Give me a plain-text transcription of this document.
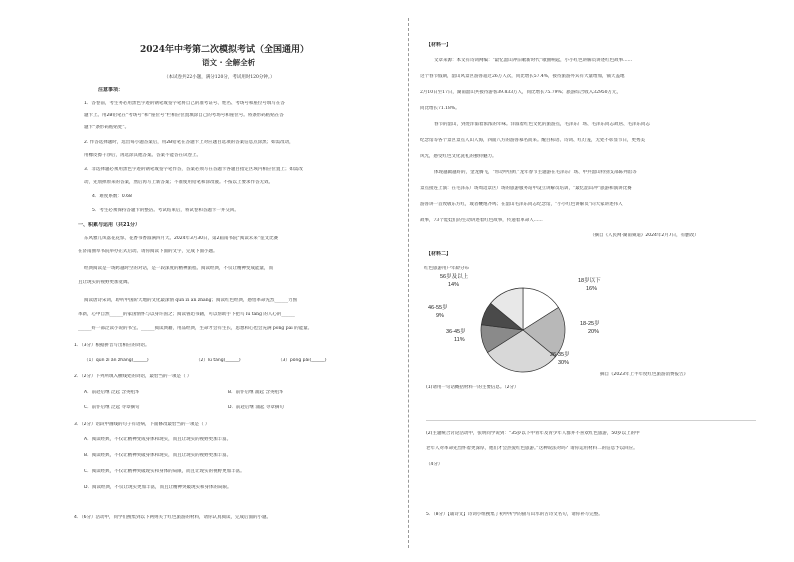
2024年中考第二次模拟考试（全国通用）
语文 · 全解全析
（本试卷共22小题，满分120分，考试用时120分钟。）
注意事项：
1．答卷前，考生务必用黑色字迹的钢笔或签字笔将自己的准考证号、姓名、考场号和座位号填写在答
题卡上。用2B铅笔在“考场号”和“座位号”栏相应位置填涂自己的考场号和座位号。将条形码粘贴在答
题卡“条形码粘贴处”。
2. 作答选择题时，选出每小题答案后，用2B铅笔在答题卡上对应题目选项的答案信息点涂黑；如需改动，
用橡皮擦干净后，再选涂其他答案。答案不能答在试卷上。
3．非选择题必须用黑色字迹的钢笔或签字笔作答，答案必须写在答题卡各题目指定区域内相应位置上；如需改
动，先划掉原来的答案，然后再写上新答案；不准使用铅笔和涂改液。不按以上要求作答无效。
4．难度系数：0.68
5．考生必须保持答题卡的整洁。考试结束后，将试卷和答题卡一并交回。
一、积累与运用（共21分）
东风雅儿凤落花花惊，花香书香溢满四月天。2024年3月30日，第2届南书院“阅读未来”征文比赛
在济南曲阜书院举办正式启动。请你阅读下面的文字，完成下面小题。
经典阅读是一场跨越时空的对话，是一段深度的精神旅程。阅读经典，不仅让精神变成能量，而
且让现实的视野更加宽阔。
阅读唐诗宋词，聆听中国阶天地的文化最深情 qún zì án zhāng；阅读红色经典，感悟革命先烈______力图
革新，心中自然______的家国情怀与以身许国之；阅读鲁迅书籍，可以帮助手下把鸟 lù tāng 的人心的______
______好一部泛读小说的书宝。______阅读典籍，用品经典，生命才会有生长，思想和心也会充满 póng pài 的能量。
1．（3分）根据拼音写出相应的词语。
（1）qún zì án zhāng(______)	（2）lù tāng(______)	（3）póng pài(______)
2．（2分）下列所填入横线处的词语，最恰当的一项是（ ）
A．前赴后继 泛起 含英咀华	B．前仆后继 涌起 含英咀华
C．前仆后继 泛起 寻章摘句	D．前赴后继 涌起 寻章摘句
3．（2分）语段中画线的句子有语病，下面修改最恰当的一项是（ ）
A．阅读经典，不仅让精神变成身体和现实，而且让现实的视野更加丰富。
B．阅读经典，不仅让精神突破身体和现实，而且让现实的视野更加丰富。
C．阅读经典，不仅让精神突破现实和身体的局限，而且让现实的视野更加丰富。
D．阅读经典，不仅让现实更加丰富，而且让精神突破现实和身体的局限。
4．（6分）活动中，同学们搜集到以下两则关于红色旅游的材料，请你认真阅读，完成后面的小题。
【材料一】
文章来源：本文有诗词网编：“最忆韶山冲旧歌新时代”歌曲响起，小小红色讲解员讲述红色故事……
这个春节假期，韶山风景区游客超过26万人次，同比增长57.4%，接待旅游外宾有大量增加，铺天盖地
2月10日至17日，湖南韶山共接待游客39.833万人，同比增长75.79%；旅游综合收入32950万元，
同比增长71.18%。
春节的韶山，到处洋溢着浓浓的年味。洋溢着红色文化的旅游点，毛泽东广场、毛泽东同志故居、毛泽东同志
纪念馆等各个景区景点人山人海，四面八方的游客慕名而来。醒目标语、诗词、红灯笼，无处不彰显节日，更秀美
风光，感受红色文化洗礼的独特魅力。
体现越做越好的，金龙腾飞，“带动中国红”龙年春节主题游在毛泽东广场、中共韶山特别支部陈列馆等
景点接连上演：在毛泽东广场周边景区广场的旅游服务站中设立讲解员培训，“最忆韶山冲”旅游和演讲比赛
游客讲一首致敬东方红，或者鞭炮齐鸣；在韶山毛泽东同志纪念馆，“小小红色讲解员”向大家讲述伟人
故事，73个娃娃们的生动讲述着红色故事，传递着革命人……
（摘自《人民网·湖南频道》2024年2月7日，有删改）
【材料二】
红色旅游用户年龄分布
18岁以下
16%
18-25岁
20%
26-35岁
30%
36-45岁
11%
46-55岁
9%
56岁及以上
14%
摘自《2023年上半年度红色旅游消费报告》
(1)请用一句话概括材料一的主要信息。（2分）
(2)主题统合讨论活动中，张明同学说到：“35岁以下中青年及青少年人群并不喜欢红色旅游，50岁以上的中
老年人对革命先烈怀着更深厚，他们才会热爱红色旅游。”这种说法对吗？请你运用材料二的信息予以回应。
（4分）
5．（8分）【诵诗文】诗词小组搜集了初中所学的描写山水的古诗文名句，请你补写完整。
